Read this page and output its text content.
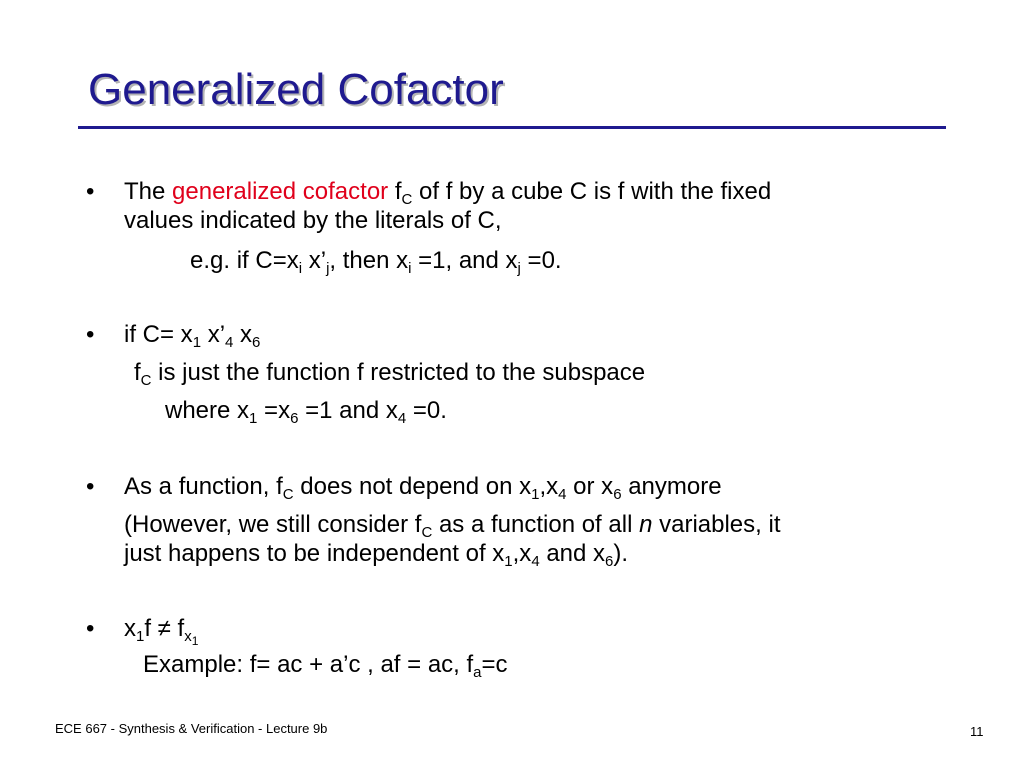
Generalized Cofactor
• The generalized cofactor $f_C$ of f by a cube C is f with the fixed
values indicated by the literals of C,
e.g. if $C=x_i$ $x’_j$, then $x_i =1$, and $x_j =0$.
• if $C= x_1$ $x’_4$ $x_6$
$f_C$ is just the function f restricted to the subspace
where $x_1 =x_6 =1$ and $x_4 =0$.
• As a function, $f_C$ does not depend on $x_1,x_4$ or $x_6$ anymore
(However, we still consider $f_C$ as a function of all n variables, it
just happens to be independent of $x_1,x_4$ and $x_6$).
• $x_1f \ne f_{x_1}$
Example: f= ac + a’c , af = ac, $f_a=c$
ECE 667 - Synthesis & Verification - Lecture 9b	11
